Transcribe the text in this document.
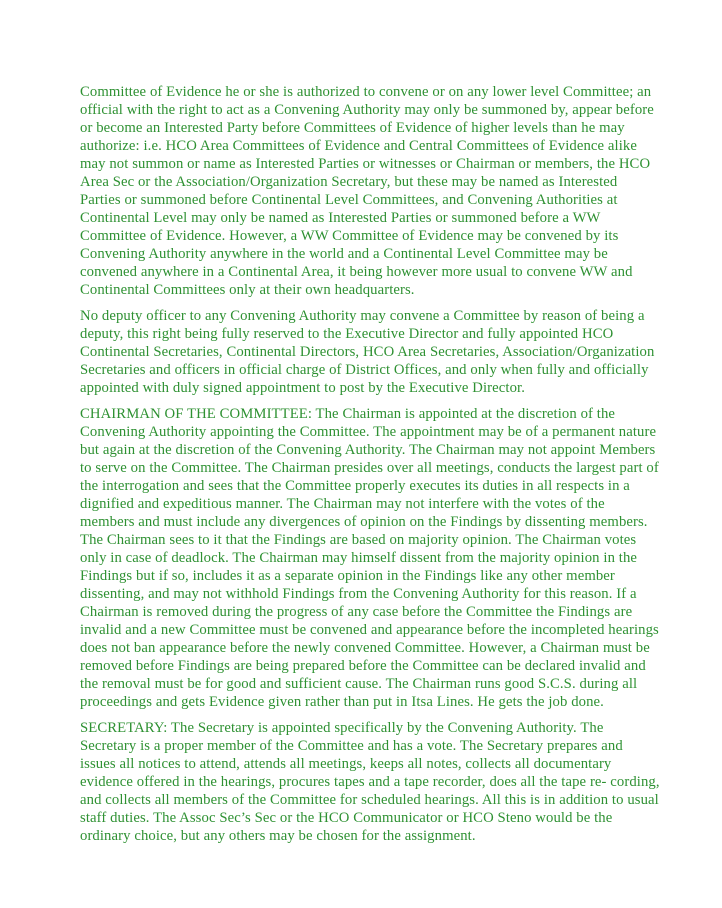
Committee of Evidence he or she is authorized to convene or on any lower level Committee; an
official with the right to act as a Convening Authority may only be summoned by, appear before
or become an Interested Party before Committees of Evidence of higher levels than he may
authorize: i.e. HCO Area Committees of Evidence and Central Committees of Evidence alike
may not summon or name as Interested Parties or witnesses or Chairman or members, the HCO
Area Sec or the Association/Organization Secretary, but these may be named as Interested
Parties or summoned before Continental Level Committees, and Convening Authorities at
Continental Level may only be named as Interested Parties or summoned before a WW
Committee of Evidence. However, a WW Committee of Evidence may be convened by its
Convening Authority anywhere in the world and a Continental Level Committee may be
convened anywhere in a Continental Area, it being however more usual to convene WW and
Continental Committees only at their own headquarters.
No deputy officer to any Convening Authority may convene a Committee by reason of being a
deputy, this right being fully reserved to the Executive Director and fully appointed HCO
Continental Secretaries, Continental Directors, HCO Area Secretaries, Association/Organization
Secretaries and officers in official charge of District Offices, and only when fully and officially
appointed with duly signed appointment to post by the Executive Director.
CHAIRMAN OF THE COMMITTEE: The Chairman is appointed at the discretion of the
Convening Authority appointing the Committee. The appointment may be of a permanent nature
but again at the discretion of the Convening Authority. The Chairman may not appoint Members
to serve on the Committee. The Chairman presides over all meetings, conducts the largest part of
the interrogation and sees that the Committee properly executes its duties in all respects in a
dignified and expeditious manner. The Chairman may not interfere with the votes of the
members and must include any divergences of opinion on the Findings by dissenting members.
The Chairman sees to it that the Findings are based on majority opinion. The Chairman votes
only in case of deadlock. The Chairman may himself dissent from the majority opinion in the
Findings but if so, includes it as a separate opinion in the Findings like any other member
dissenting, and may not withhold Findings from the Convening Authority for this reason. If a
Chairman is removed during the progress of any case before the Committee the Findings are
invalid and a new Committee must be convened and appearance before the incompleted hearings
does not ban appearance before the newly convened Committee. However, a Chairman must be
removed before Findings are being prepared before the Committee can be declared invalid and
the removal must be for good and sufficient cause. The Chairman runs good S.C.S. during all
proceedings and gets Evidence given rather than put in Itsa Lines. He gets the job done.
SECRETARY: The Secretary is appointed specifically by the Convening Authority. The
Secretary is a proper member of the Committee and has a vote. The Secretary prepares and
issues all notices to attend, attends all meetings, keeps all notes, collects all documentary
evidence offered in the hearings, procures tapes and a tape recorder, does all the tape re- cording,
and collects all members of the Committee for scheduled hearings. All this is in addition to usual
staff duties. The Assoc Sec’s Sec or the HCO Communicator or HCO Steno would be the
ordinary choice, but any others may be chosen for the assignment.
